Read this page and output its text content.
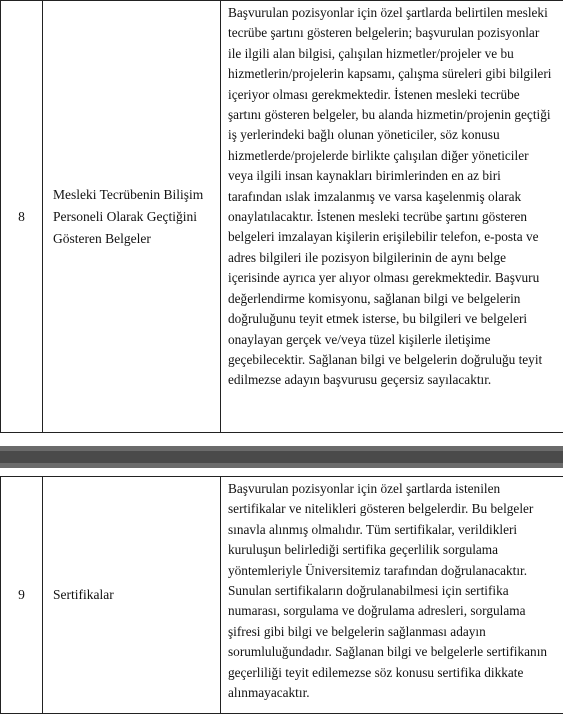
8	Mesleki Tecrübenin Bilişim Personeli Olarak Geçtiğini Gösteren Belgeler	Başvurulan pozisyonlar için özel şartlarda belirtilen mesleki tecrübe şartını gösteren belgelerin; başvurulan pozisyonlar ile ilgili alan bilgisi, çalışılan hizmetler/projeler ve bu hizmetlerin/projelerin kapsamı, çalışma süreleri gibi bilgileri içeriyor olması gerekmektedir. İstenen mesleki tecrübe şartını gösteren belgeler, bu alanda hizmetin/projenin geçtiği iş yerlerindeki bağlı olunan yöneticiler, söz konusu hizmetlerde/projelerde birlikte çalışılan diğer yöneticiler veya ilgili insan kaynakları birimlerinden en az biri tarafından ıslak imzalanmış ve varsa kaşelenmiş olarak onaylatılacaktır. İstenen mesleki tecrübe şartını gösteren belgeleri imzalayan kişilerin erişilebilir telefon, e-posta ve adres bilgileri ile pozisyon bilgilerinin de aynı belge içerisinde ayrıca yer alıyor olması gerekmektedir. Başvuru değerlendirme komisyonu, sağlanan bilgi ve belgelerin doğruluğunu teyit etmek isterse, bu bilgileri ve belgeleri onaylayan gerçek ve/veya tüzel kişilerle iletişime geçebilecektir. Sağlanan bilgi ve belgelerin doğruluğu teyit edilmezse adayın başvurusu geçersiz sayılacaktır.
9	Sertifikalar	Başvurulan pozisyonlar için özel şartlarda istenilen sertifikalar ve nitelikleri gösteren belgelerdir. Bu belgeler sınavla alınmış olmalıdır. Tüm sertifikalar, verildikleri kuruluşun belirlediği sertifika geçerlilik sorgulama yöntemleriyle Üniversitemiz tarafından doğrulanacaktır. Sunulan sertifikaların doğrulanabilmesi için sertifika numarası, sorgulama ve doğrulama adresleri, sorgulama şifresi gibi bilgi ve belgelerin sağlanması adayın sorumluluğundadır. Sağlanan bilgi ve belgelerle sertifikanın geçerliliği teyit edilemezse söz konusu sertifika dikkate alınmayacaktır.
